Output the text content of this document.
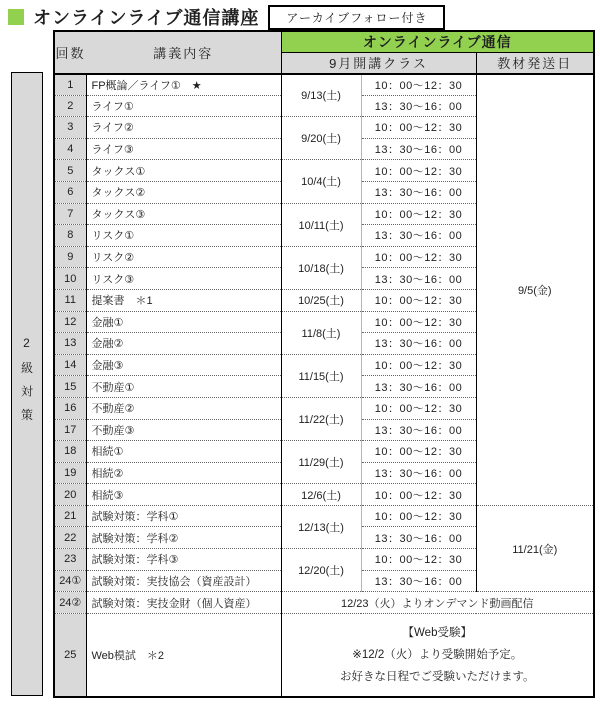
オンラインライブ通信講座	アーカイブフォロー付き
2級対策
回数	講義内容	オンラインライブ通信		
		9月開講クラス		教材発送日
1	FP概論／ライフ①　★	9/13(土)	10：00～12：30	9/5(金)
2	ライフ①		13：30～16：00	
3	ライフ②	9/20(土)	10：00～12：30	
4	ライフ③		13：30～16：00	
5	タックス①	10/4(土)	10：00～12：30	
6	タックス②		13：30～16：00	
7	タックス③	10/11(土)	10：00～12：30	
8	リスク①		13：30～16：00	
9	リスク②	10/18(土)	10：00～12：30	
10	リスク③		13：30～16：00	
11	提案書　＊1	10/25(土)	10：00～12：30	
12	金融①	11/8(土)	10：00～12：30	
13	金融②		13：30～16：00	
14	金融③	11/15(土)	10：00～12：30	
15	不動産①		13：30～16：00	
16	不動産②	11/22(土)	10：00～12：30	
17	不動産③		13：30～16：00	
18	相続①	11/29(土)	10：00～12：30	
19	相続②		13：30～16：00	
20	相続③	12/6(土)	10：00～12：30	
21	試験対策：学科①	12/13(土)	10：00～12：30	11/21(金)
22	試験対策：学科②		13：30～16：00	
23	試験対策：学科③	12/20(土)	10：00～12：30	
24①	試験対策：実技協会（資産設計）		13：30～16：00	
24②	試験対策：実技金財（個人資産）	12/23（火）よりオンデマンド動画配信		
25	Web模試　＊2	【Web受験】
※12/2（火）より受験開始予定。
お好きな日程でご受験いただけます。		
